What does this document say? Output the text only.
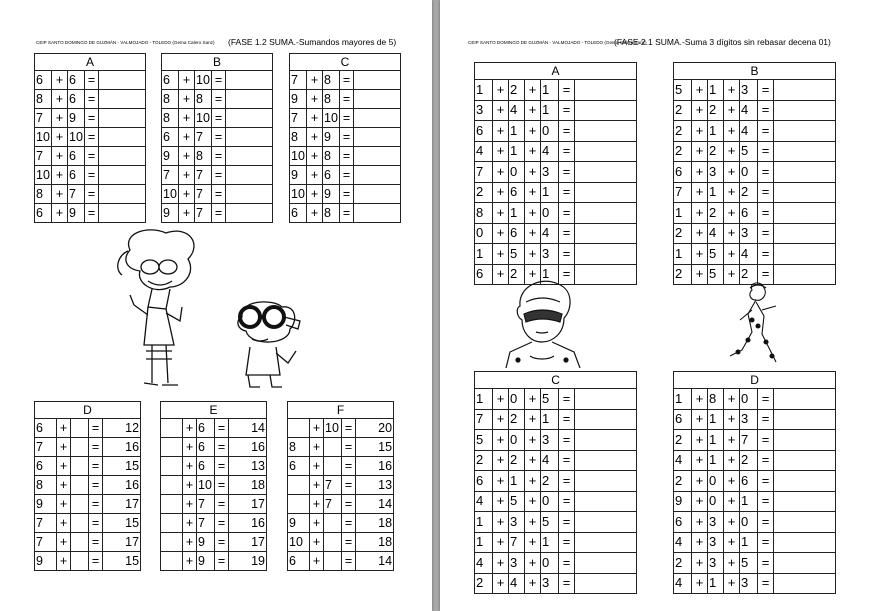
CEIP SANTO DOMINGO DE GUZMÁN - VALMOJADO - TOLEDO (Gema Calero Sanz) (FASE 1.2 SUMA.-Sumandos mayores de 5)
A				
6	+	6	=	
8	+	6	=	
7	+	9	=	
10	+	10	=	
7	+	6	=	
10	+	6	=	
8	+	7	=	
6	+	9	=	
B				
6	+	10	=	
8	+	8	=	
8	+	10	=	
6	+	7	=	
9	+	8	=	
7	+	7	=	
10	+	7	=	
9	+	7	=	
C				
7	+	8	=	
9	+	8	=	
7	+	10	=	
8	+	9	=	
10	+	8	=	
9	+	6	=	
10	+	9	=	
6	+	8	=	
D				
6	+		=	12
7	+		=	16
6	+		=	15
8	+		=	16
9	+		=	17
7	+		=	15
7	+		=	17
9	+		=	15
E				
	+	6	=	14
	+	6	=	16
	+	6	=	13
	+	10	=	18
	+	7	=	17
	+	7	=	16
	+	9	=	17
	+	9	=	19
F				
	+	10	=	20
8	+		=	15
6	+		=	16
	+	7	=	13
	+	7	=	14
9	+		=	18
10	+		=	18
6	+		=	14
CEIP SANTO DOMINGO DE GUZMÁN - VALMOJADO - TOLEDO (Gema Calero Sanz)
(FASE 2.1 SUMA.-Suma 3 dígitos sin rebasar decena 01)
A						
1	+	2	+	1	=	
3	+	4	+	1	=	
6	+	1	+	0	=	
4	+	1	+	4	=	
7	+	0	+	3	=	
2	+	6	+	1	=	
8	+	1	+	0	=	
0	+	6	+	4	=	
1	+	5	+	3	=	
6	+	2	+	1	=	
B						
5	+	1	+	3	=	
2	+	2	+	4	=	
2	+	1	+	4	=	
2	+	2	+	5	=	
6	+	3	+	0	=	
7	+	1	+	2	=	
1	+	2	+	6	=	
2	+	4	+	3	=	
1	+	5	+	4	=	
2	+	5	+	2	=	
C						
1	+	0	+	5	=	
7	+	2	+	1	=	
5	+	0	+	3	=	
2	+	2	+	4	=	
6	+	1	+	2	=	
4	+	5	+	0	=	
1	+	3	+	5	=	
1	+	7	+	1	=	
4	+	3	+	0	=	
2	+	4	+	3	=	
D						
1	+	8	+	0	=	
6	+	1	+	3	=	
2	+	1	+	7	=	
4	+	1	+	2	=	
2	+	0	+	6	=	
9	+	0	+	1	=	
6	+	3	+	0	=	
4	+	3	+	1	=	
2	+	3	+	5	=	
4	+	1	+	3	=	
